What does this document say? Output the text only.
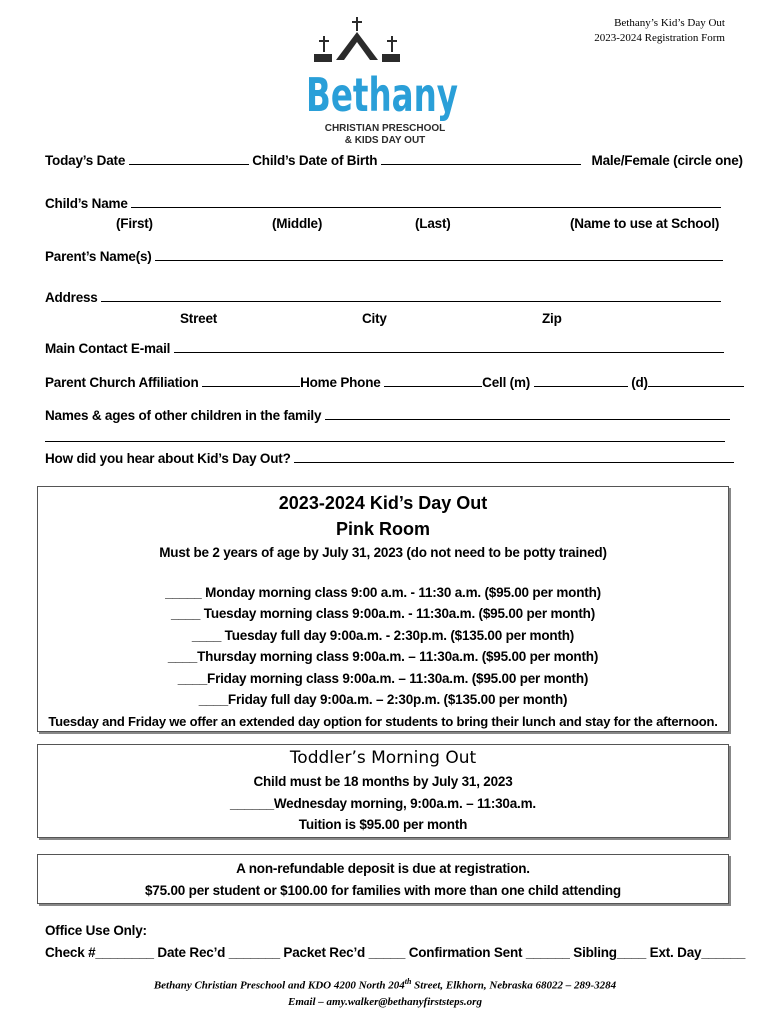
Bethany’s Kid’s Day Out
2023-2024 Registration Form
Bethany
CHRISTIAN PRESCHOOL
& KIDS DAY OUT
Today’s Date	Child’s Date of Birth	Male/Female (circle one)
Child’s Name
(First)	(Middle)	(Last)	(Name to use at School)
Parent’s Name(s)
Address
Street	City	Zip
Main Contact E-mail
Parent Church Affiliation	Home Phone	Cell (m)	(d)
Names & ages of other children in the family
How did you hear about Kid’s Day Out?
2023-2024 Kid’s Day Out
Pink Room
Must be 2 years of age by July 31, 2023 (do not need to be potty trained)
_____ Monday morning class 9:00 a.m. - 11:30 a.m. ($95.00 per month)
____ Tuesday morning class 9:00a.m. - 11:30a.m. ($95.00 per month)
____ Tuesday full day 9:00a.m. - 2:30p.m. ($135.00 per month)
____Thursday morning class 9:00a.m. – 11:30a.m. ($95.00 per month)
____Friday morning class 9:00a.m. – 11:30a.m. ($95.00 per month)
____Friday full day 9:00a.m. – 2:30p.m. ($135.00 per month)
Tuesday and Friday we offer an extended day option for students to bring their lunch and stay for the afternoon.
Toddler’s Morning Out
Child must be 18 months by July 31, 2023
______Wednesday morning, 9:00a.m. – 11:30a.m.
Tuition is $95.00 per month
A non-refundable deposit is due at registration.
$75.00 per student or $100.00 for families with more than one child attending
Office Use Only:
Check #________ Date Rec’d _______ Packet Rec’d _____ Confirmation Sent ______ Sibling____ Ext. Day______
Bethany Christian Preschool and KDO 4200 North 204th Street, Elkhorn, Nebraska 68022 – 289-3284
Email – amy.walker@bethanyfirststeps.org
